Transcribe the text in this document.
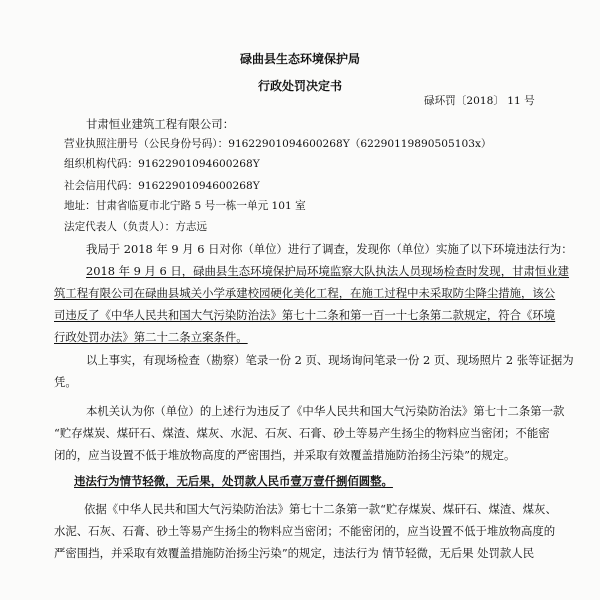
碌曲县生态环境保护局
行政处罚决定书
碌环罚〔2018〕 11 号
甘肃恒业建筑工程有限公司：
营业执照注册号（公民身份号码）：91622901094600268Y（62290119890505103x）
组织机构代码：91622901094600268Y
社会信用代码：91622901094600268Y
地址：甘肃省临夏市北宁路 5 号一栋一单元 101 室
法定代表人（负责人）：方志远
我局于 2018 年 9 月 6 日对你（单位）进行了调查，发现你（单位）实施了以下环境违法行为：
2018 年 9 月 6 日，碌曲县生态环境保护局环境监察大队执法人员现场检查时发现，甘肃恒业建
筑工程有限公司在碌曲县城关小学承建校园硬化美化工程，在施工过程中未采取防尘降尘措施，该公
司违反了《中华人民共和国大气污染防治法》第七十二条和第一百一十七条第二款规定，符合《环境
行政处罚办法》第二十二条立案条件。
以上事实，有现场检查（勘察）笔录一份 2 页、现场询问笔录一份 2 页、现场照片 2 张等证据为
凭。
本机关认为你（单位）的上述行为违反了《中华人民共和国大气污染防治法》第七十二条第一款
“贮存煤炭、煤矸石、煤渣、煤灰、水泥、石灰、石膏、砂土等易产生扬尘的物料应当密闭；不能密
闭的，应当设置不低于堆放物高度的严密围挡，并采取有效覆盖措施防治扬尘污染”的规定。
违法行为情节轻微，无后果，处罚款人民币壹万壹仟捌佰圆整。
依据《中华人民共和国大气污染防治法》第七十二条第一款“贮存煤炭、煤矸石、煤渣、煤灰、
水泥、石灰、石膏、砂土等易产生扬尘的物料应当密闭；不能密闭的，应当设置不低于堆放物高度的
严密围挡，并采取有效覆盖措施防治扬尘污染”的规定，违法行为 情节轻微，无后果 处罚款人民
